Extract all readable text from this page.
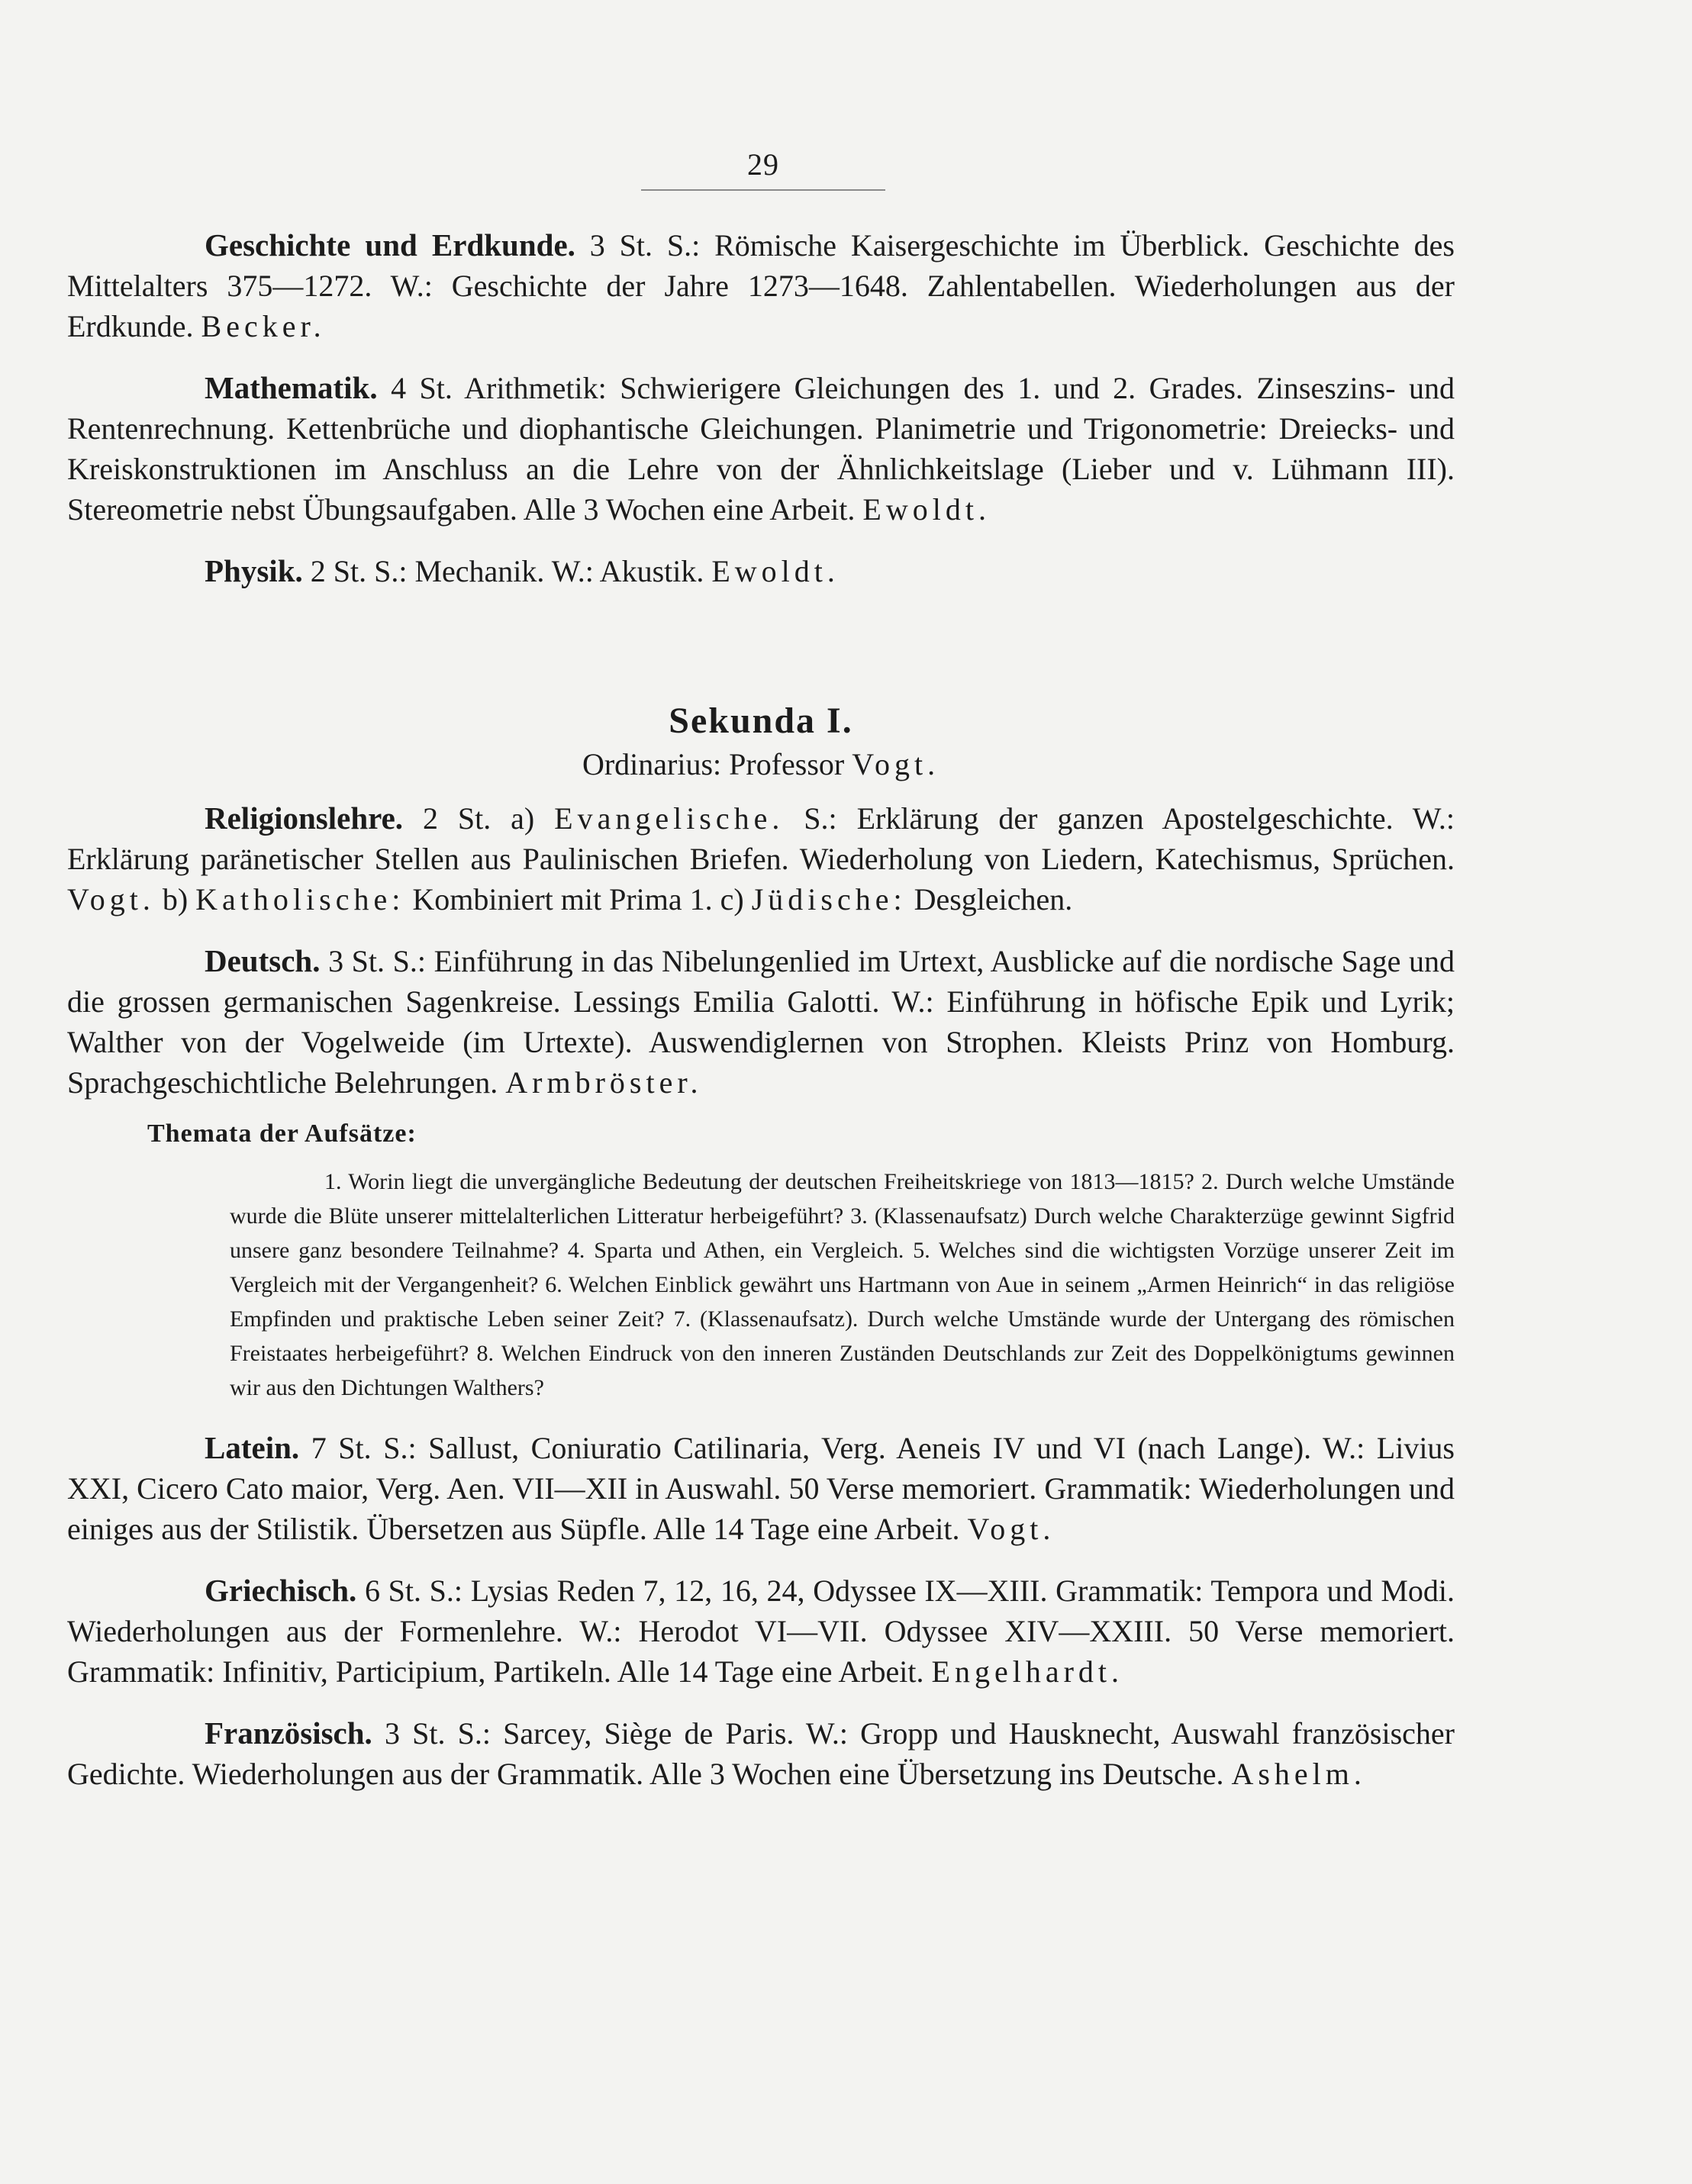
29

Geschichte und Erdkunde. 3 St. S.: Römische Kaisergeschichte im Überblick. Geschichte des Mittelalters 375—1272. W.: Geschichte der Jahre 1273—1648. Zahlentabellen. Wiederholungen aus der Erdkunde. Becker.

Mathematik. 4 St. Arithmetik: Schwierigere Gleichungen des 1. und 2. Grades. Zinseszins- und Rentenrechnung. Kettenbrüche und diophantische Gleichungen. Planimetrie und Trigonometrie: Dreiecks- und Kreiskonstruktionen im Anschluss an die Lehre von der Ähnlichkeitslage (Lieber und v. Lühmann III). Stereometrie nebst Übungsaufgaben. Alle 3 Wochen eine Arbeit. Ewoldt.

Physik. 2 St. S.: Mechanik. W.: Akustik. Ewoldt.

Sekunda I.
Ordinarius: Professor Vogt.

Religionslehre. 2 St. a) Evangelische. S.: Erklärung der ganzen Apostelgeschichte. W.: Erklärung paränetischer Stellen aus Paulinischen Briefen. Wiederholung von Liedern, Katechismus, Sprüchen. Vogt. b) Katholische: Kombiniert mit Prima 1. c) Jüdische: Desgleichen.

Deutsch. 3 St. S.: Einführung in das Nibelungenlied im Urtext, Ausblicke auf die nordische Sage und die grossen germanischen Sagenkreise. Lessings Emilia Galotti. W.: Einführung in höfische Epik und Lyrik; Walther von der Vogelweide (im Urtexte). Auswendiglernen von Strophen. Kleists Prinz von Homburg. Sprachgeschichtliche Belehrungen. Armbröster.

Themata der Aufsätze:

1. Worin liegt die unvergängliche Bedeutung der deutschen Freiheitskriege von 1813—1815? 2. Durch welche Umstände wurde die Blüte unserer mittelalterlichen Litteratur herbeigeführt? 3. (Klassenaufsatz) Durch welche Charakterzüge gewinnt Sigfrid unsere ganz besondere Teilnahme? 4. Sparta und Athen, ein Vergleich. 5. Welches sind die wichtigsten Vorzüge unserer Zeit im Vergleich mit der Vergangenheit? 6. Welchen Einblick gewährt uns Hartmann von Aue in seinem „Armen Heinrich“ in das religiöse Empfinden und praktische Leben seiner Zeit? 7. (Klassenaufsatz). Durch welche Umstände wurde der Untergang des römischen Freistaates herbeigeführt? 8. Welchen Eindruck von den inneren Zuständen Deutschlands zur Zeit des Doppelkönigtums gewinnen wir aus den Dichtungen Walthers?

Latein. 7 St. S.: Sallust, Coniuratio Catilinaria, Verg. Aeneis IV und VI (nach Lange). W.: Livius XXI, Cicero Cato maior, Verg. Aen. VII—XII in Auswahl. 50 Verse memoriert. Grammatik: Wiederholungen und einiges aus der Stilistik. Übersetzen aus Süpfle. Alle 14 Tage eine Arbeit. Vogt.

Griechisch. 6 St. S.: Lysias Reden 7, 12, 16, 24, Odyssee IX—XIII. Grammatik: Tempora und Modi. Wiederholungen aus der Formenlehre. W.: Herodot VI—VII. Odyssee XIV—XXIII. 50 Verse memoriert. Grammatik: Infinitiv, Participium, Partikeln. Alle 14 Tage eine Arbeit. Engelhardt.

Französisch. 3 St. S.: Sarcey, Siège de Paris. W.: Gropp und Hausknecht, Auswahl französischer Gedichte. Wiederholungen aus der Grammatik. Alle 3 Wochen eine Übersetzung ins Deutsche. Ashelm.
